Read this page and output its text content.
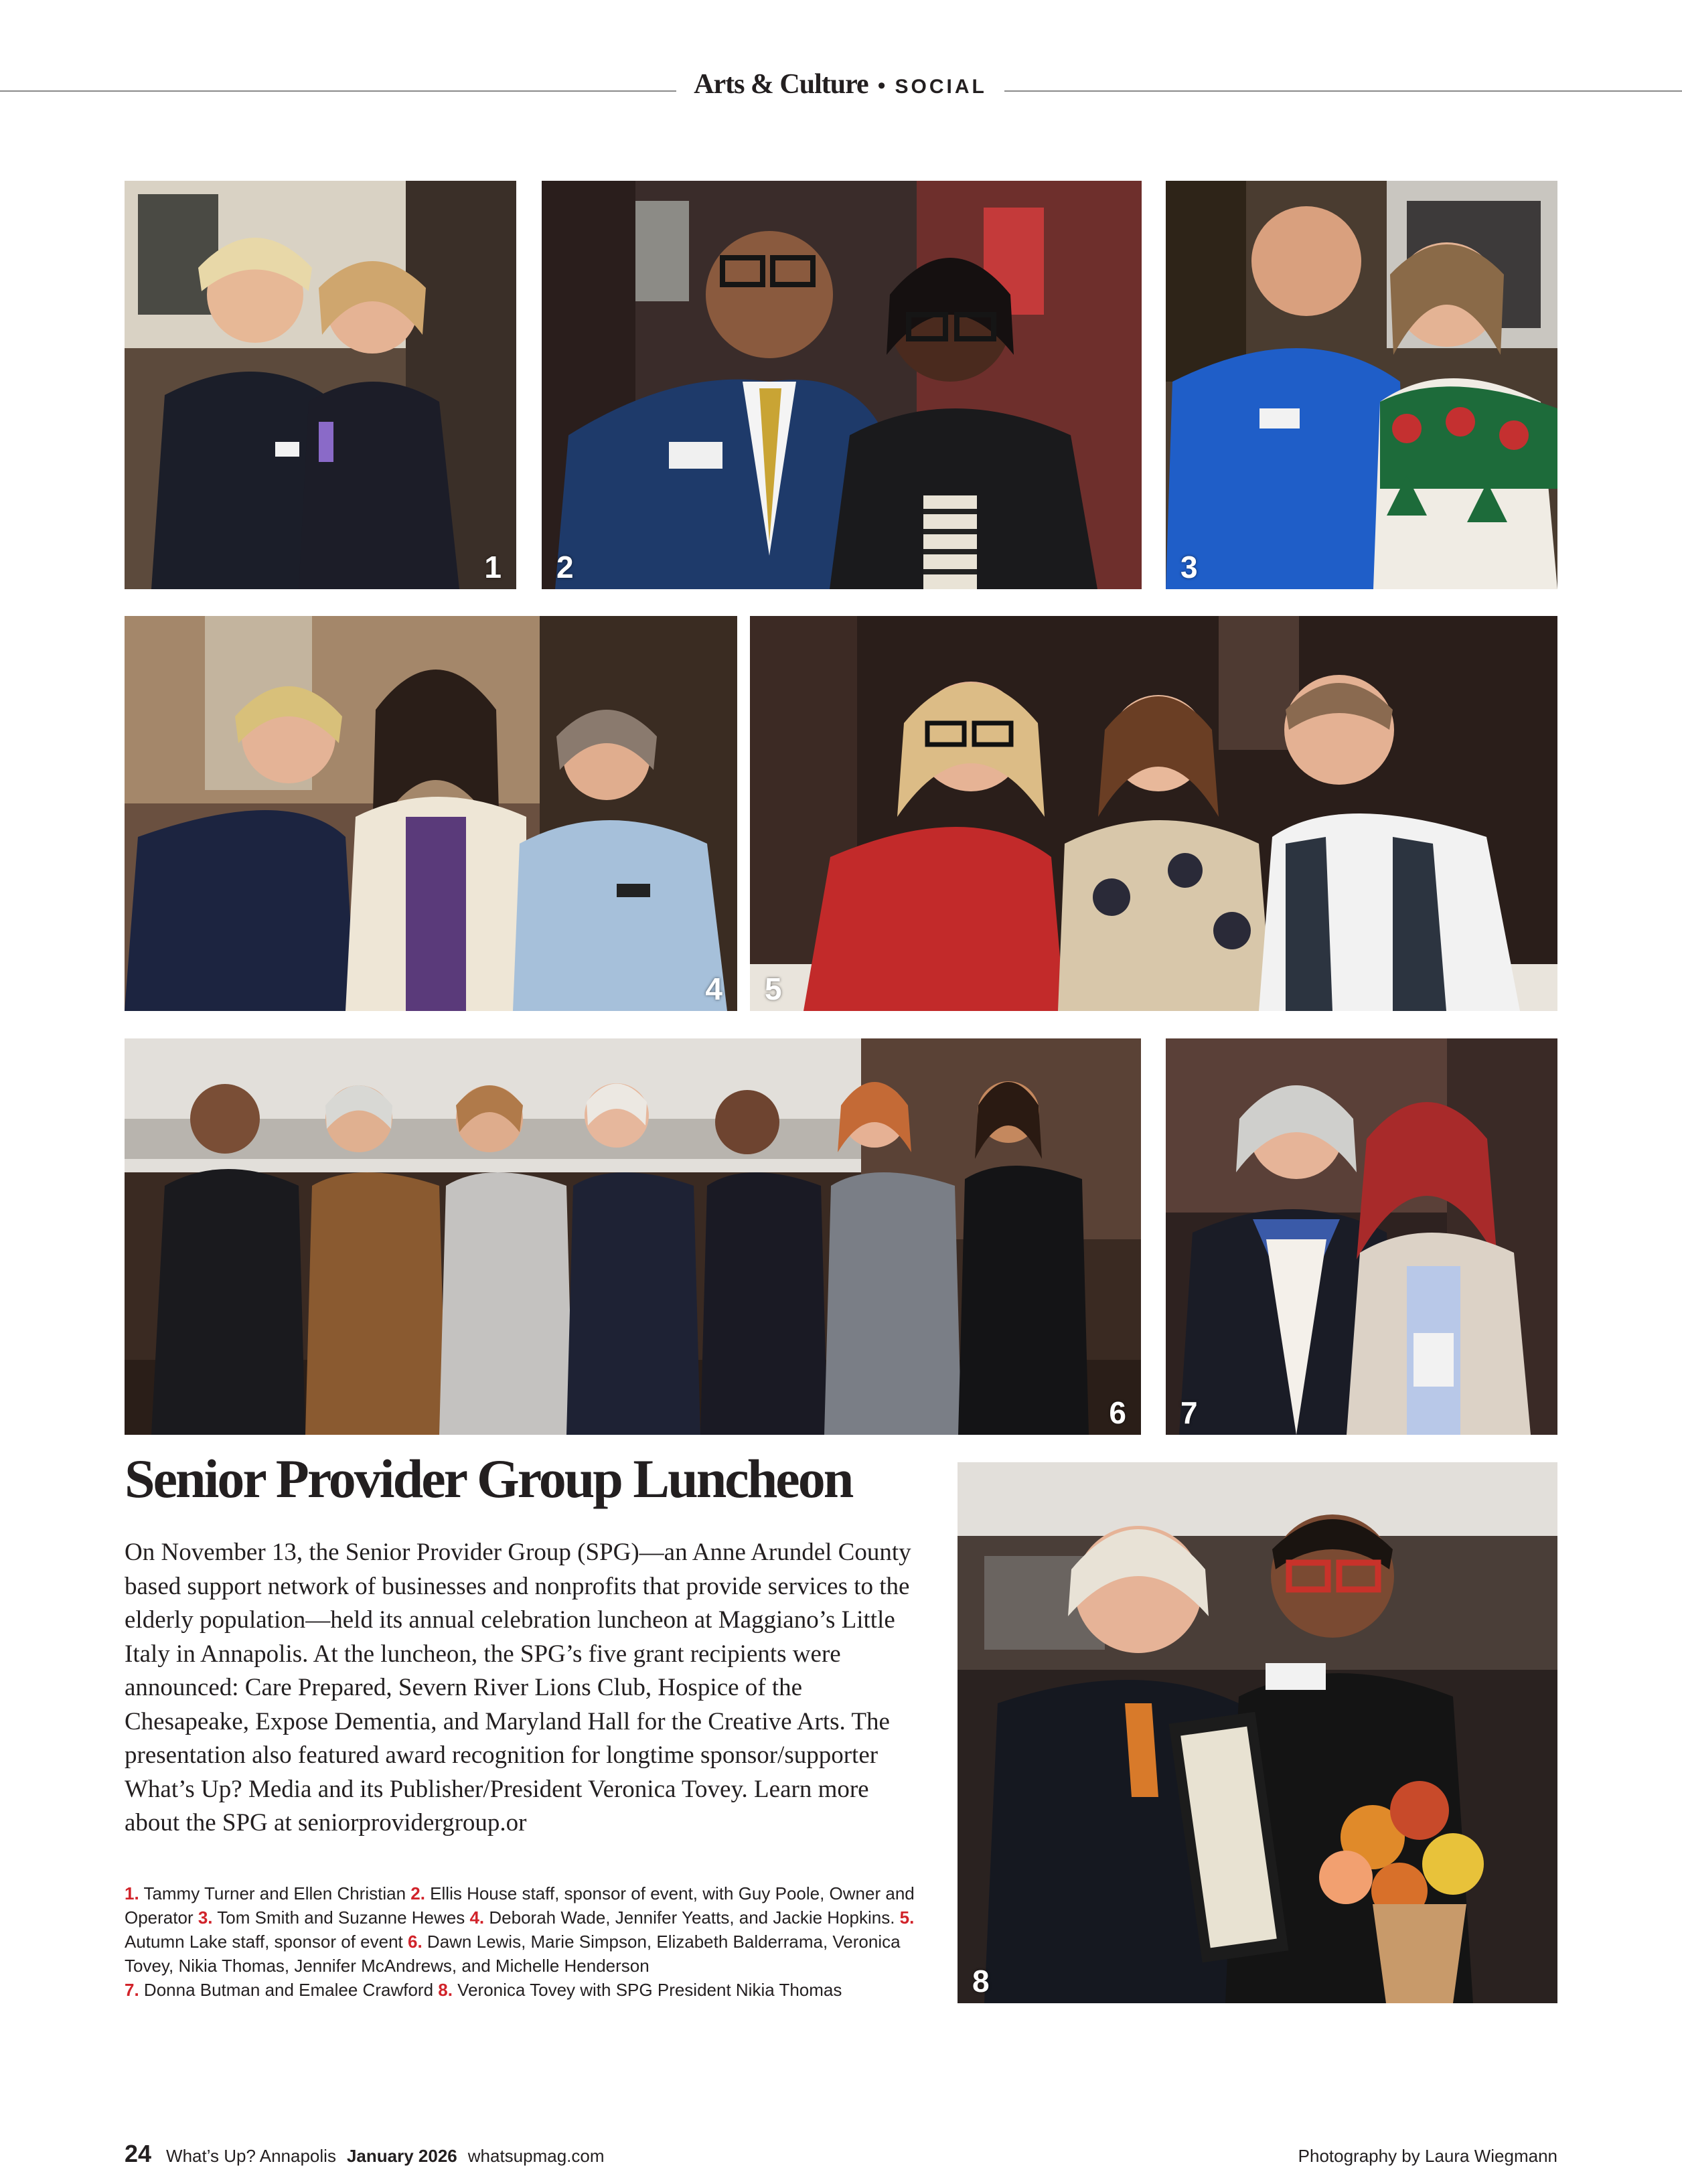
Arts & Culture • SOCIAL
1 2	3
4 5
6 7
8
Senior Provider Group Luncheon
On November 13, the Senior Provider Group (SPG)—an Anne Arundel County based support network of businesses and nonprofits that provide services to the elderly population—held its annual celebration luncheon at Maggiano’s Little Italy in Annapolis. At the luncheon, the SPG’s five grant recipients were announced: Care Prepared, Severn River Lions Club, Hospice of the Chesapeake, Expose Dementia, and Maryland Hall for the Creative Arts. The presentation also featured award recognition for longtime sponsor/supporter What’s Up? Media and its Publisher/President Veronica Tovey. Learn more about the SPG at seniorprovidergroup.or
1. Tammy Turner and Ellen Christian 2. Ellis House staff, sponsor of event, with Guy Poole, Owner and Operator 3. Tom Smith and Suzanne Hewes 4. Deborah Wade, Jennifer Yeatts, and Jackie Hopkins. 5. Autumn Lake staff, sponsor of event 6. Dawn Lewis, Marie Simpson, Elizabeth Balderrama, Veronica Tovey, Nikia Thomas, Jennifer McAndrews, and Michelle Henderson
7. Donna Butman and Emalee Crawford 8. Veronica Tovey with SPG President Nikia Thomas
24 What’s Up? Annapolis January 2026 whatsupmag.com	Photography by Laura Wiegmann
